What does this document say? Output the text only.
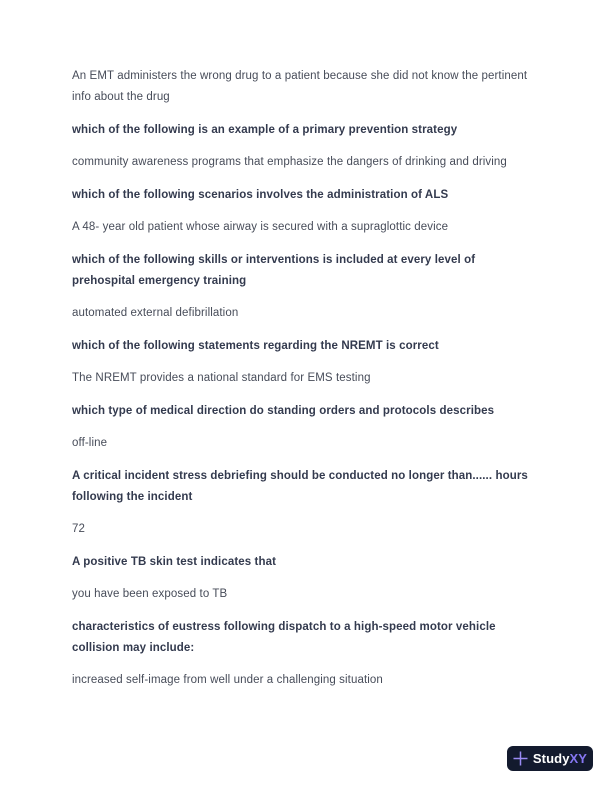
An EMT administers the wrong drug to a patient because she did not know the pertinent
info about the drug
which of the following is an example of a primary prevention strategy
community awareness programs that emphasize the dangers of drinking and driving
which of the following scenarios involves the administration of ALS
A 48- year old patient whose airway is secured with a supraglottic device
which of the following skills or interventions is included at every level of
prehospital emergency training
automated external defibrillation
which of the following statements regarding the NREMT is correct
The NREMT provides a national standard for EMS testing
which type of medical direction do standing orders and protocols describes
off-line
A critical incident stress debriefing should be conducted no longer than...... hours
following the incident
72
A positive TB skin test indicates that
you have been exposed to TB
characteristics of eustress following dispatch to a high-speed motor vehicle
collision may include:
increased self-image from well under a challenging situation
StudyXY
